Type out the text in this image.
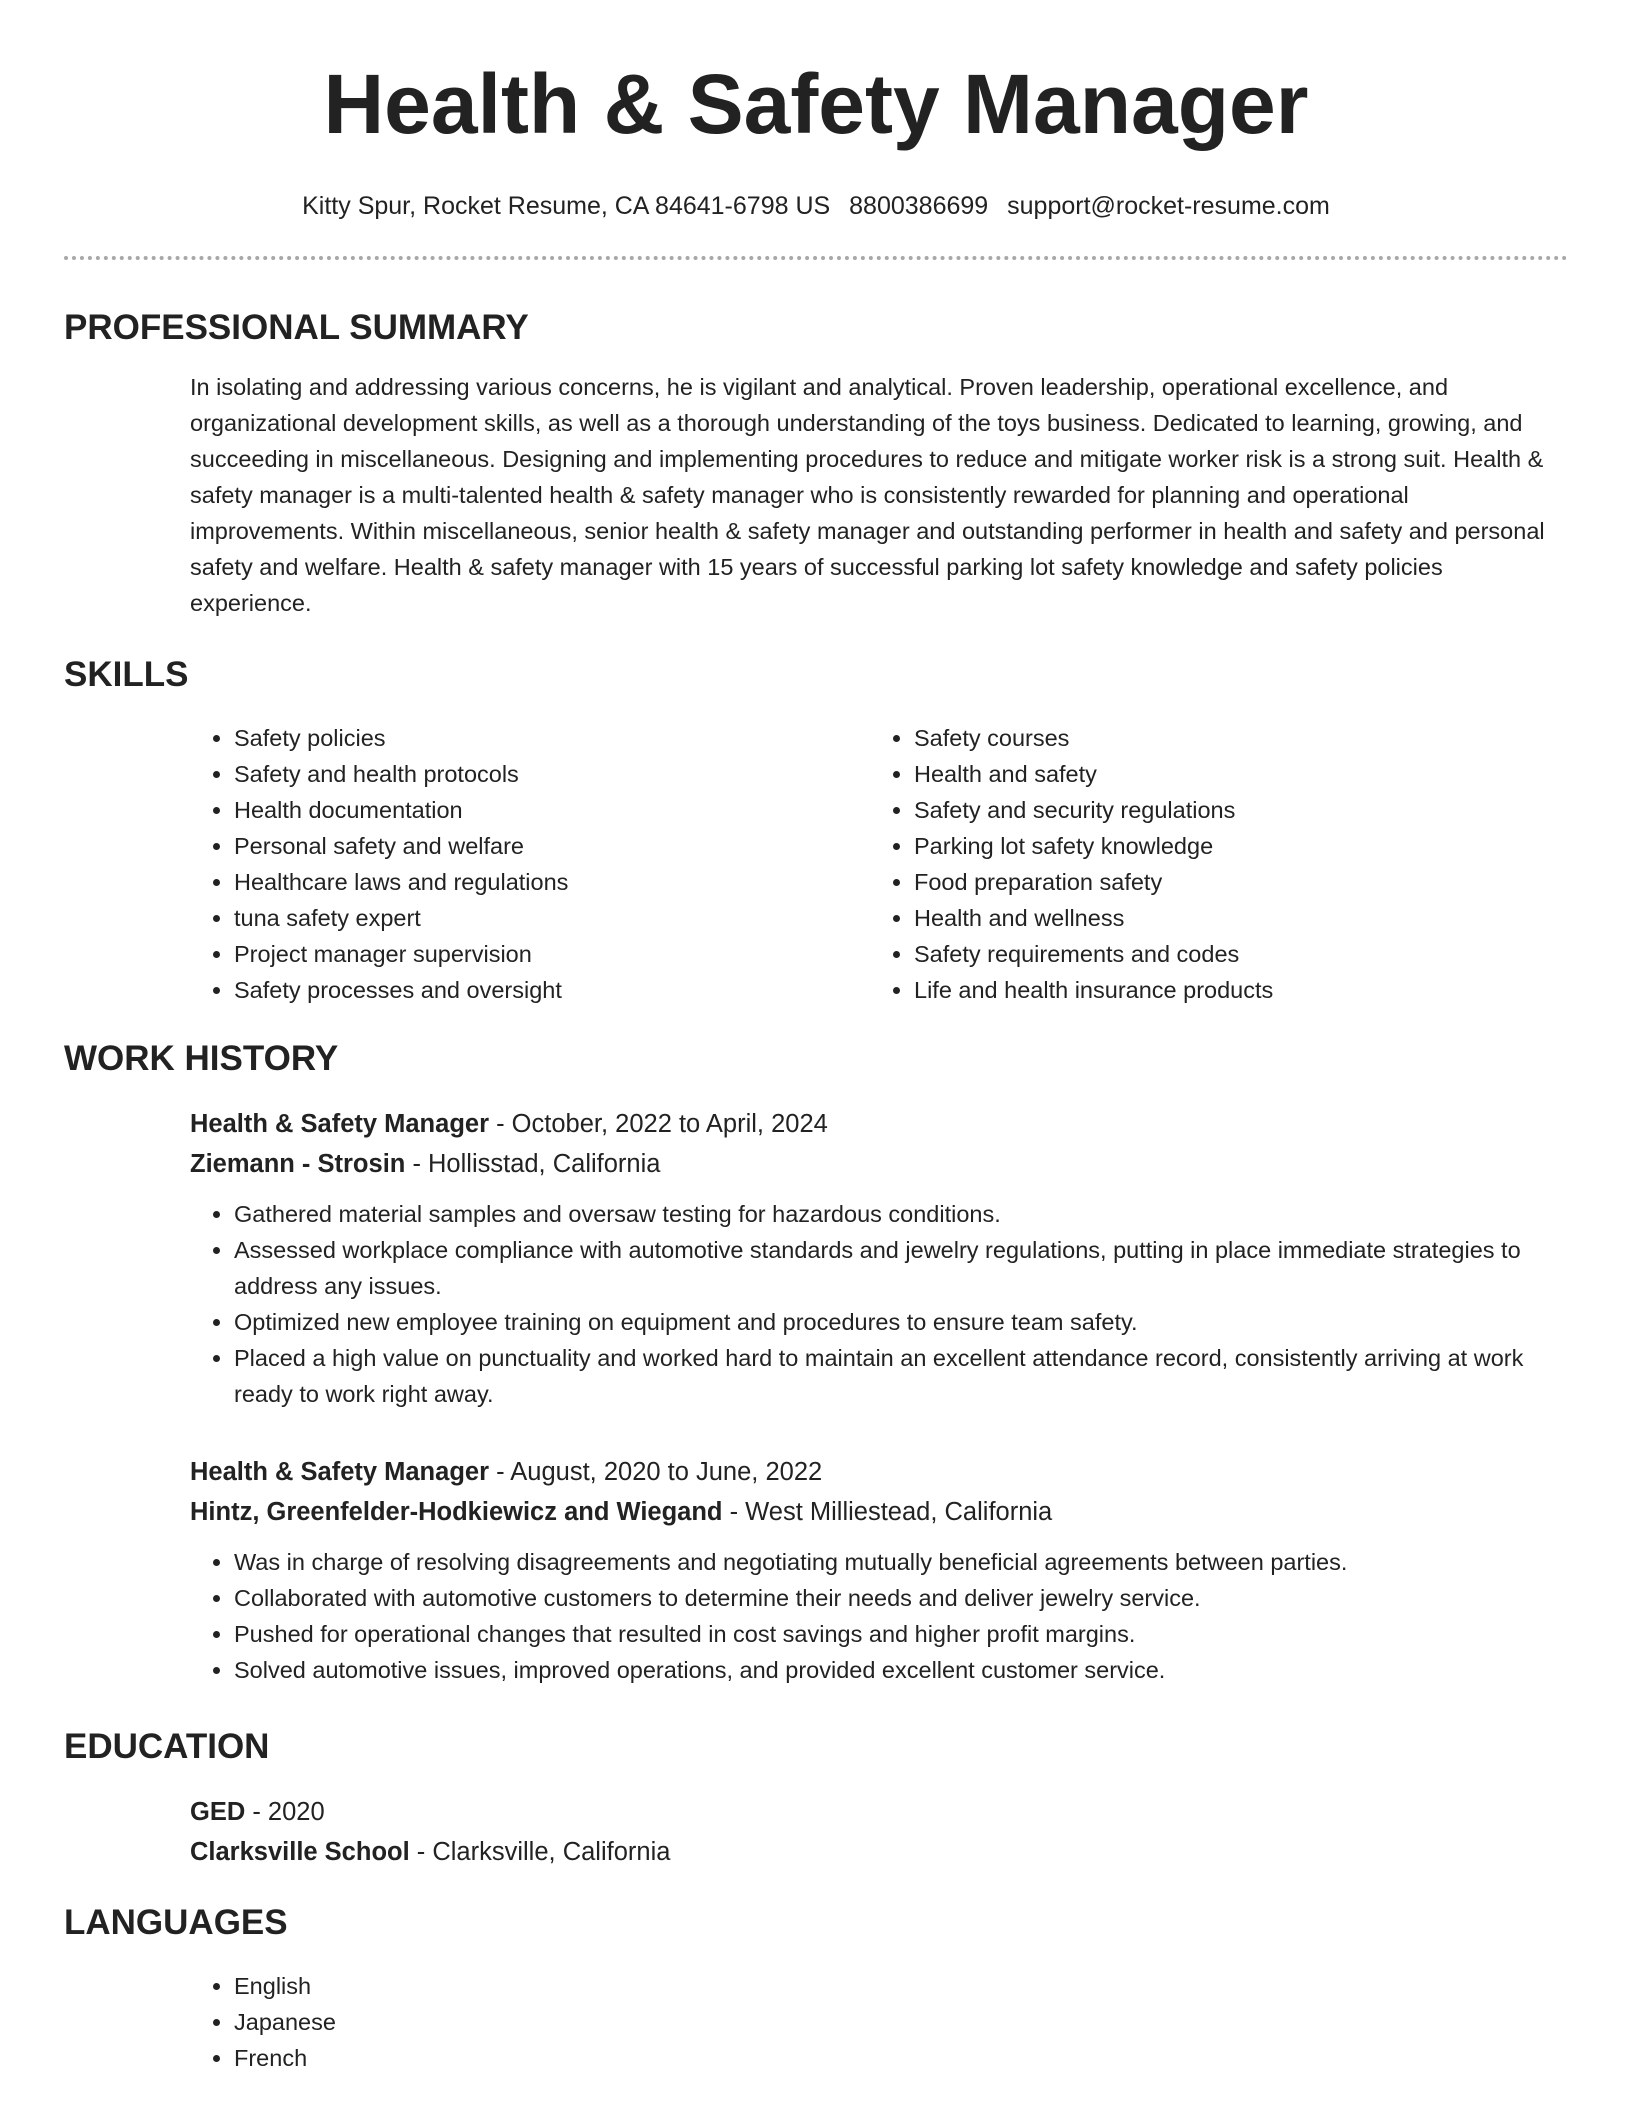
Health & Safety Manager
Kitty Spur, Rocket Resume, CA 84641-6798 US 8800386699 support@rocket-resume.com
PROFESSIONAL SUMMARY
In isolating and addressing various concerns, he is vigilant and analytical. Proven leadership, operational excellence, and organizational development skills, as well as a thorough understanding of the toys business. Dedicated to learning, growing, and succeeding in miscellaneous. Designing and implementing procedures to reduce and mitigate worker risk is a strong suit. Health & safety manager is a multi-talented health & safety manager who is consistently rewarded for planning and operational improvements. Within miscellaneous, senior health & safety manager and outstanding performer in health and safety and personal safety and welfare. Health & safety manager with 15 years of successful parking lot safety knowledge and safety policies experience.
SKILLS
• Safety policies
• Safety and health protocols
• Health documentation
• Personal safety and welfare
• Healthcare laws and regulations
• tuna safety expert
• Project manager supervision
• Safety processes and oversight
• Safety courses
• Health and safety
• Safety and security regulations
• Parking lot safety knowledge
• Food preparation safety
• Health and wellness
• Safety requirements and codes
• Life and health insurance products
WORK HISTORY
Health & Safety Manager - October, 2022 to April, 2024
Ziemann - Strosin - Hollisstad, California
• Gathered material samples and oversaw testing for hazardous conditions.
• Assessed workplace compliance with automotive standards and jewelry regulations, putting in place immediate strategies to address any issues.
• Optimized new employee training on equipment and procedures to ensure team safety.
• Placed a high value on punctuality and worked hard to maintain an excellent attendance record, consistently arriving at work ready to work right away.
Health & Safety Manager - August, 2020 to June, 2022
Hintz, Greenfelder-Hodkiewicz and Wiegand - West Milliestead, California
• Was in charge of resolving disagreements and negotiating mutually beneficial agreements between parties.
• Collaborated with automotive customers to determine their needs and deliver jewelry service.
• Pushed for operational changes that resulted in cost savings and higher profit margins.
• Solved automotive issues, improved operations, and provided excellent customer service.
EDUCATION
GED - 2020
Clarksville School - Clarksville, California
LANGUAGES
• English
• Japanese
• French
